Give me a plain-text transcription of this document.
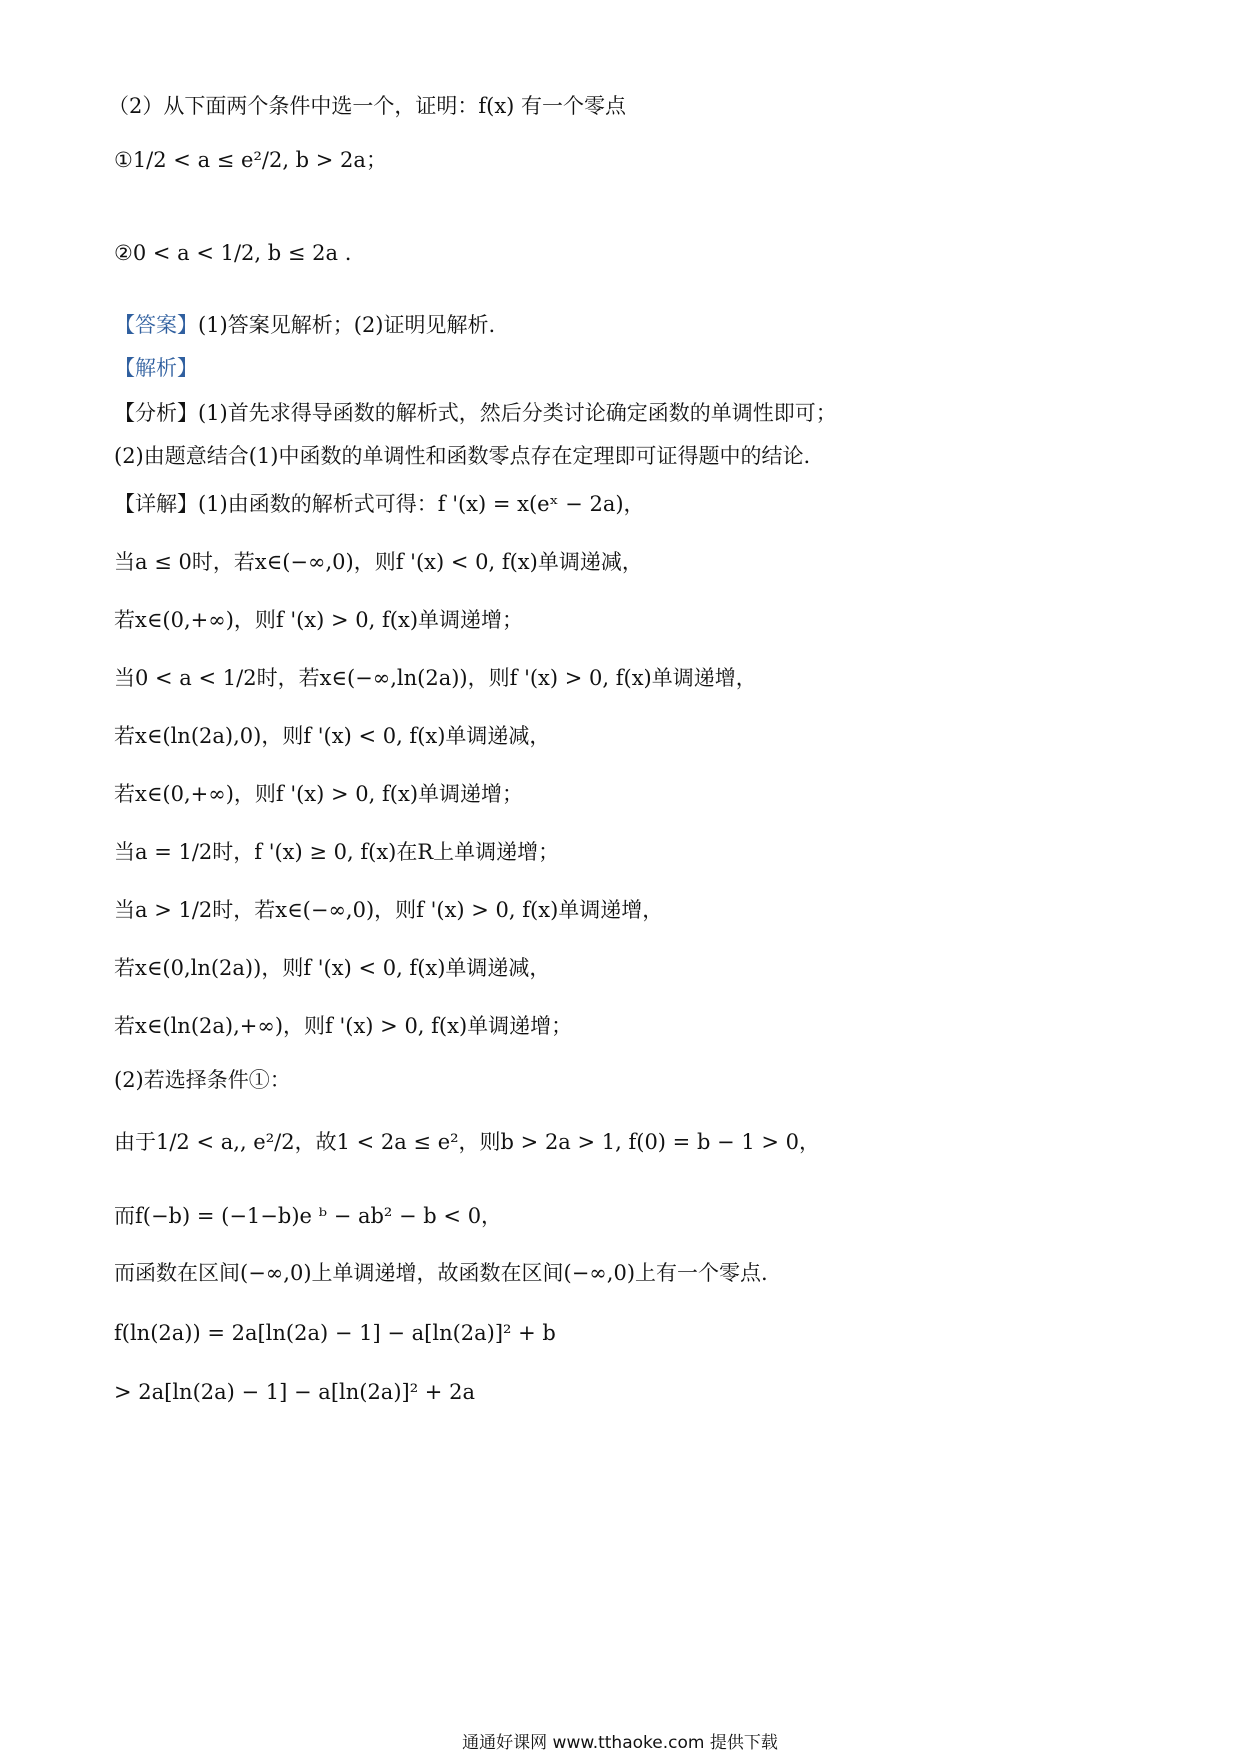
（2）从下面两个条件中选一个，证明：f(x) 有一个零点
①1/2 < a ≤ e²/2, b > 2a；
②0 < a < 1/2, b ≤ 2a .
【答案】(1)答案见解析；(2)证明见解析.
【解析】
【分析】(1)首先求得导函数的解析式，然后分类讨论确定函数的单调性即可；
(2)由题意结合(1)中函数的单调性和函数零点存在定理即可证得题中的结论.
【详解】(1)由函数的解析式可得：f '(x) = x(eˣ − 2a)，
当a ≤ 0时，若x∈(−∞,0)，则f '(x) < 0, f(x)单调递减，
若x∈(0,+∞)，则f '(x) > 0, f(x)单调递增；
当0 < a < 1/2时，若x∈(−∞,ln(2a))，则f '(x) > 0, f(x)单调递增，
若x∈(ln(2a),0)，则f '(x) < 0, f(x)单调递减，
若x∈(0,+∞)，则f '(x) > 0, f(x)单调递增；
当a = 1/2时，f '(x) ≥ 0, f(x)在R上单调递增；
当a > 1/2时，若x∈(−∞,0)，则f '(x) > 0, f(x)单调递增，
若x∈(0,ln(2a))，则f '(x) < 0, f(x)单调递减，
若x∈(ln(2a),+∞)，则f '(x) > 0, f(x)单调递增；
(2)若选择条件①：
由于1/2 < a,, e²/2，故1 < 2a ≤ e²，则b > 2a > 1, f(0) = b − 1 > 0，
而f(−b) = (−1−b)e ᵇ − ab² − b < 0，
而函数在区间(−∞,0)上单调递增，故函数在区间(−∞,0)上有一个零点.
f(ln(2a)) = 2a[ln(2a) − 1] − a[ln(2a)]² + b
> 2a[ln(2a) − 1] − a[ln(2a)]² + 2a
通通好课网 www.tthaoke.com 提供下载
